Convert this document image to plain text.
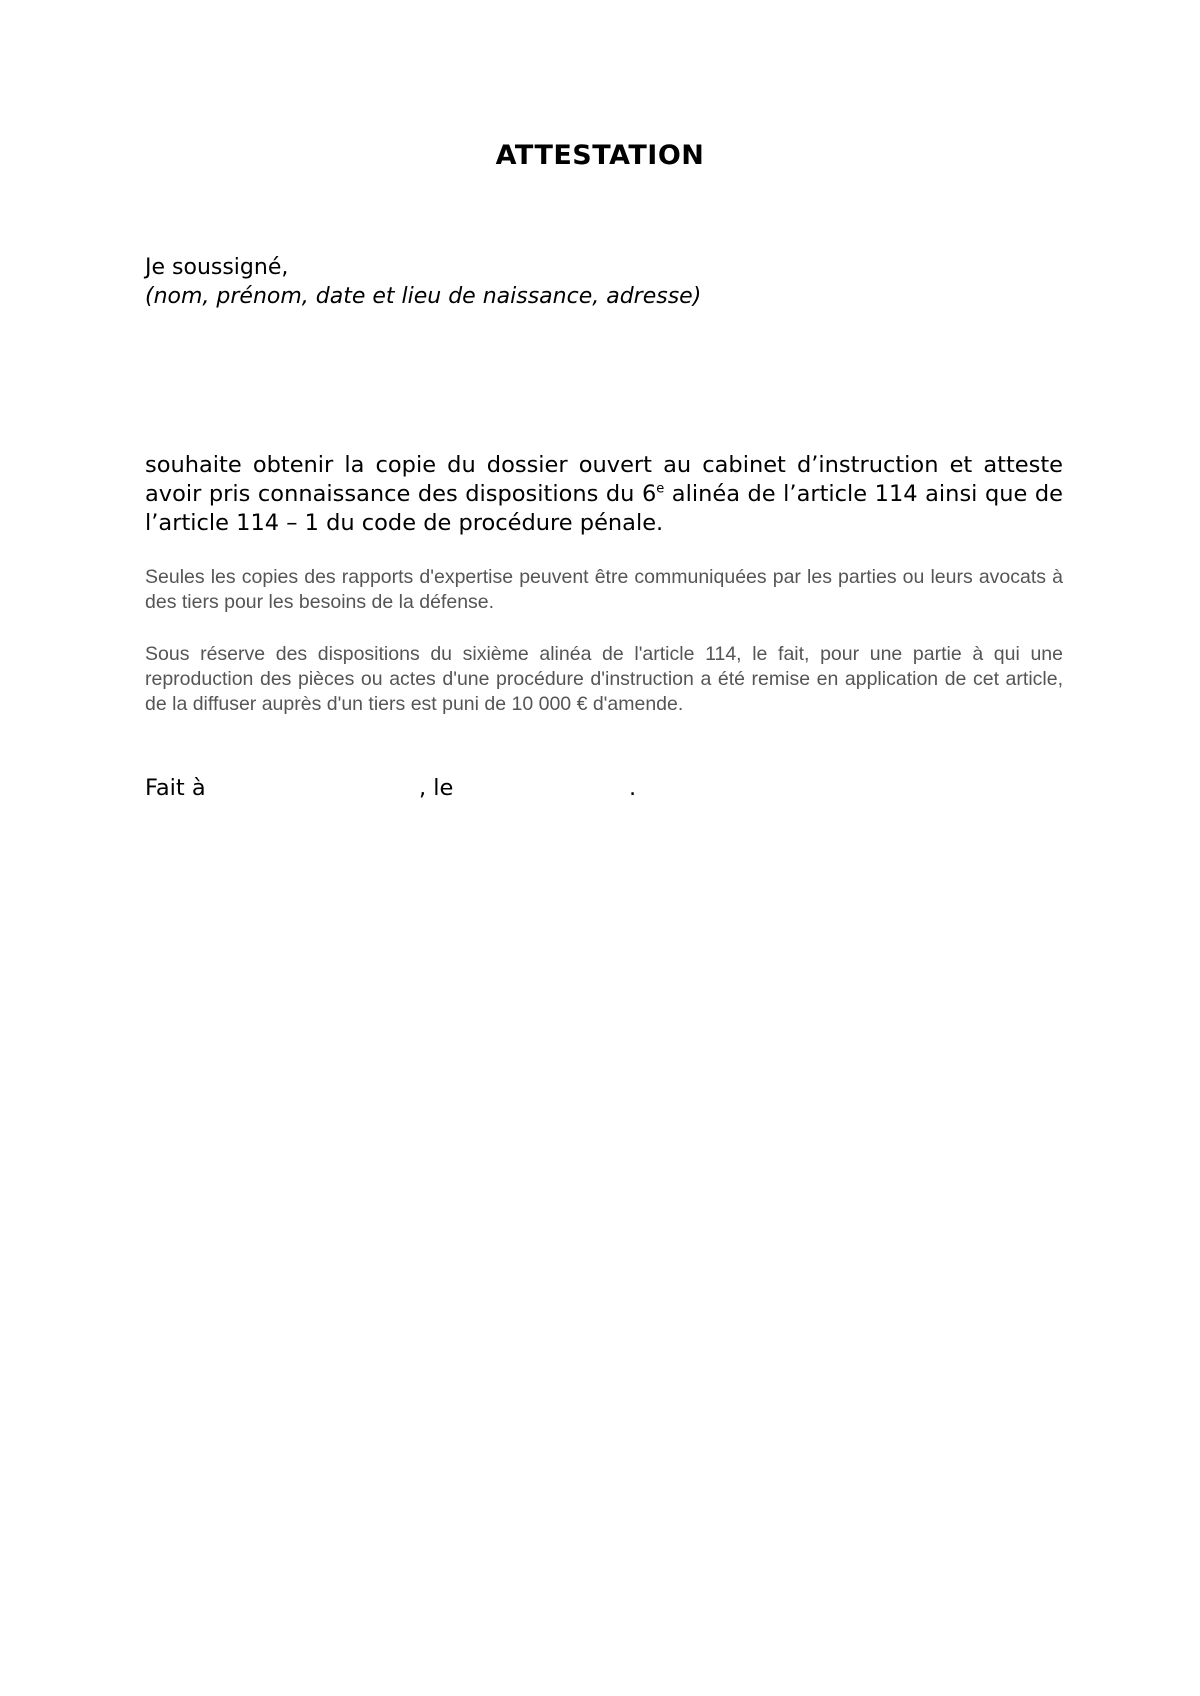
ATTESTATION
Je soussigné,
(nom, prénom, date et lieu de naissance, adresse)
souhaite obtenir la copie du dossier ouvert au cabinet d’instruction et atteste avoir pris connaissance des dispositions du 6e alinéa de l’article 114 ainsi que de l’article 114 – 1 du code de procédure pénale.
Seules les copies des rapports d'expertise peuvent être communiquées par les parties ou leurs avocats à des tiers pour les besoins de la défense.
Sous réserve des dispositions du sixième alinéa de l'article 114, le fait, pour une partie à qui une reproduction des pièces ou actes d'une procédure d'instruction a été remise en application de cet article, de la diffuser auprès d'un tiers est puni de 10 000 € d'amende.
Fait à	, le	.
